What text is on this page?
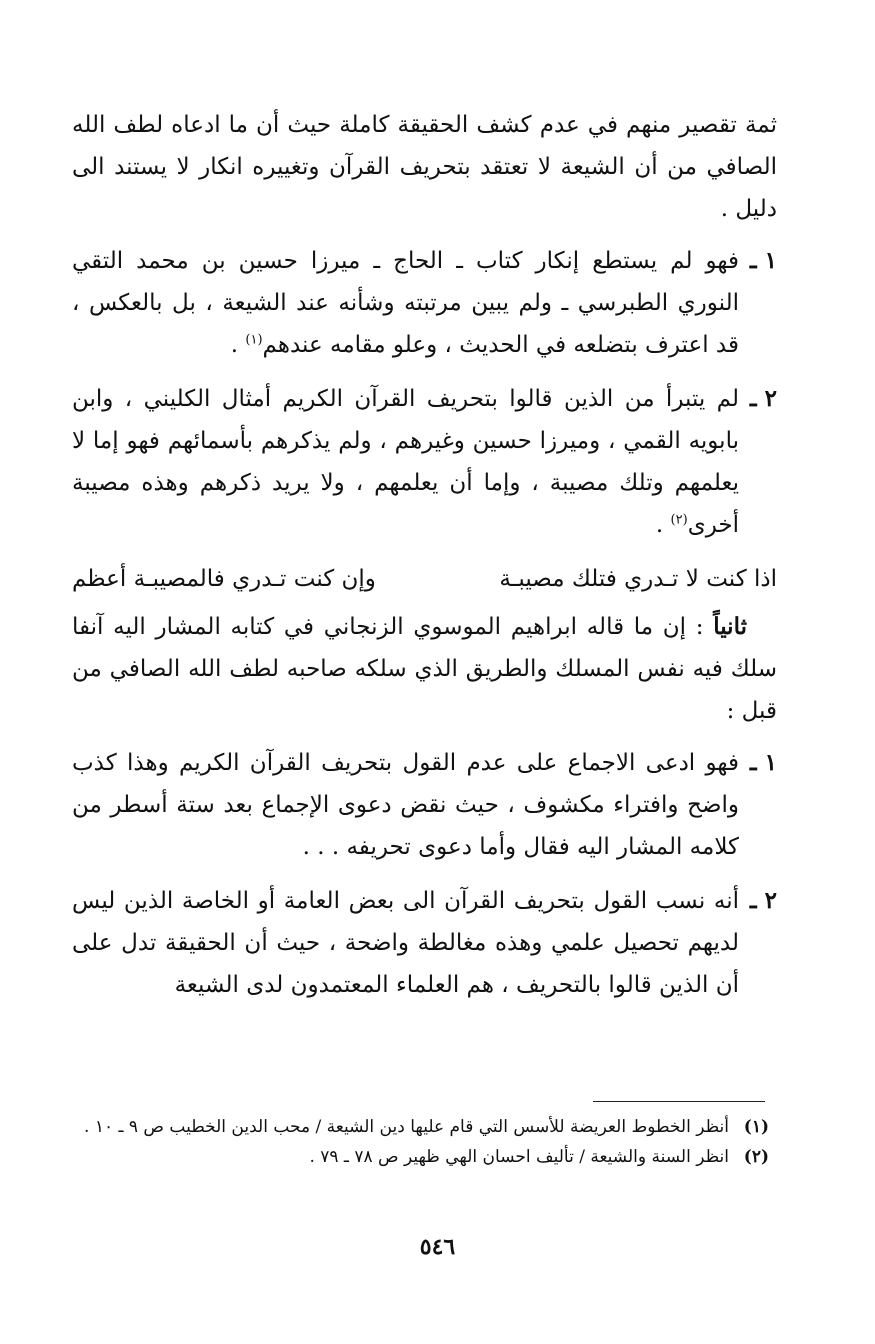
ثمة تقصير منهم في عدم كشف الحقيقة كاملة حيث أن ما ادعاه لطف الله الصافي من أن الشيعة لا تعتقد بتحريف القرآن وتغييره انكار لا يستند الى دليل .

١ ـ
فهو لم يستطع إنكار كتاب ـ الحاج ـ ميرزا حسين بن محمد التقي النوري الطبرسي ـ ولم يبين مرتبته وشأنه عند الشيعة ، بل بالعكس ، قد اعترف بتضلعه في الحديث ، وعلو مقامه عندهم$^{(١)}$ .
٢ ـ
لم يتبرأ من الذين قالوا بتحريف القرآن الكريم أمثال الكليني ، وابن بابويه القمي ، وميرزا حسين وغيرهم ، ولم يذكرهم بأسمائهم فهو إما لا يعلمهم وتلك مصيبة ، وإما أن يعلمهم ، ولا يريد ذكرهم وهذه مصيبة أخرى$^{(٢)}$ .
اذا كنت لا تـدري فتلك مصيبـة
وإن كنت تـدري فالمصيبـة أعظم

ثانياً : إن ما قاله ابراهيم الموسوي الزنجاني في كتابه المشار اليه آنفا سلك فيه نفس المسلك والطريق الذي سلكه صاحبه لطف الله الصافي من قبل :

١ ـ
فهو ادعى الاجماع على عدم القول بتحريف القرآن الكريم وهذا كذب واضح وافتراء مكشوف ، حيث نقض دعوى الإجماع بعد ستة أسطر من كلامه المشار اليه فقال وأما دعوى تحريفه . . .
٢ ـ
أنه نسب القول بتحريف القرآن الى بعض العامة أو الخاصة الذين ليس لديهم تحصيل علمي وهذه مغالطة واضحة ، حيث أن الحقيقة تدل على أن الذين قالوا بالتحريف ، هم العلماء المعتمدون لدى الشيعة
(١)
أنظر الخطوط العريضة للأسس التي قام عليها دين الشيعة / محب الدين الخطيب ص ٩ ـ ١٠ .
(٢)
انظر السنة والشيعة / تأليف احسان الهي ظهير ص ٧٨ ـ ٧٩ .
٥٤٦
